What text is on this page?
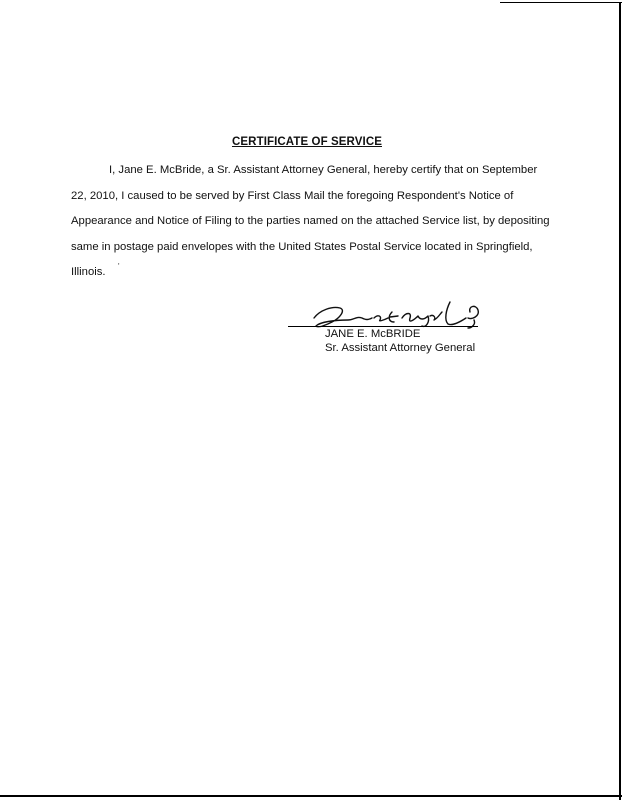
CERTIFICATE OF SERVICE
I, Jane E. McBride, a Sr. Assistant Attorney General, hereby certify that on September
22, 2010, I caused to be served by First Class Mail the foregoing Respondent's Notice of
Appearance and Notice of Filing to the parties named on the attached Service list, by depositing
same in postage paid envelopes with the United States Postal Service located in Springfield,
Illinois.	'
JANE E. McBRIDE
Sr. Assistant Attorney General
